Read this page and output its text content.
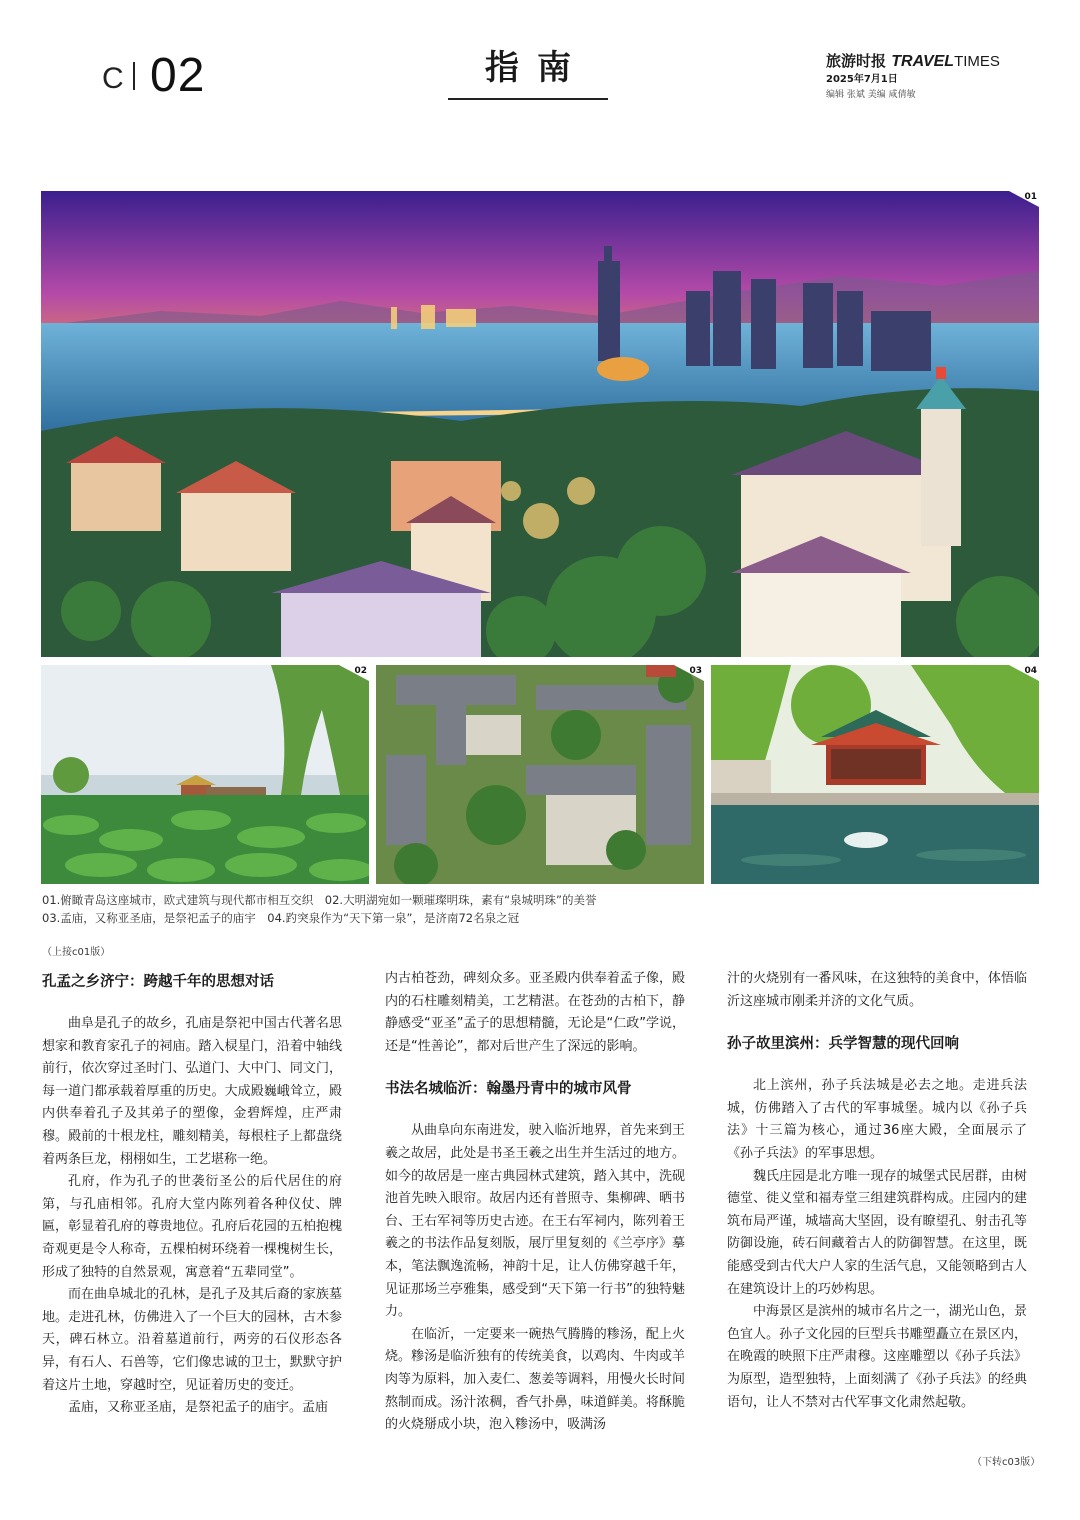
C 02	指南	旅游时报 TRAVELTIMES
2025年7月1日
编辑 张斌 美编 咸倩敏
01
02	03	04
01.俯瞰青岛这座城市，欧式建筑与现代都市相互交织　02.大明湖宛如一颗璀璨明珠，素有“泉城明珠”的美誉
03.孟庙，又称亚圣庙，是祭祀孟子的庙宇　04.趵突泉作为“天下第一泉”，是济南72名泉之冠
（上接c01版）
孔孟之乡济宁：跨越千年的思想对话

曲阜是孔子的故乡，孔庙是祭祀中国古代著名思想家和教育家孔子的祠庙。踏入棂星门，沿着中轴线前行，依次穿过圣时门、弘道门、大中门、同文门，每一道门都承载着厚重的历史。大成殿巍峨耸立，殿内供奉着孔子及其弟子的塑像，金碧辉煌，庄严肃穆。殿前的十根龙柱，雕刻精美，每根柱子上都盘绕着两条巨龙，栩栩如生，工艺堪称一绝。

孔府，作为孔子的世袭衍圣公的后代居住的府第，与孔庙相邻。孔府大堂内陈列着各种仪仗、牌匾，彰显着孔府的尊贵地位。孔府后花园的五柏抱槐奇观更是令人称奇，五棵柏树环绕着一棵槐树生长，形成了独特的自然景观，寓意着“五辈同堂”。

而在曲阜城北的孔林，是孔子及其后裔的家族墓地。走进孔林，仿佛进入了一个巨大的园林，古木参天，碑石林立。沿着墓道前行，两旁的石仪形态各异，有石人、石兽等，它们像忠诚的卫士，默默守护着这片土地，穿越时空，见证着历史的变迁。

孟庙，又称亚圣庙，是祭祀孟子的庙宇。孟庙

内古柏苍劲，碑刻众多。亚圣殿内供奉着孟子像，殿内的石柱雕刻精美，工艺精湛。在苍劲的古柏下，静静感受“亚圣”孟子的思想精髓，无论是“仁政”学说，还是“性善论”，都对后世产生了深远的影响。

书法名城临沂：翰墨丹青中的城市风骨

从曲阜向东南进发，驶入临沂地界，首先来到王羲之故居，此处是书圣王羲之出生并生活过的地方。如今的故居是一座古典园林式建筑，踏入其中，洗砚池首先映入眼帘。故居内还有普照寺、集柳碑、晒书台、王右军祠等历史古迹。在王右军祠内，陈列着王羲之的书法作品复刻版，展厅里复刻的《兰亭序》摹本，笔法飘逸流畅，神韵十足，让人仿佛穿越千年，见证那场兰亭雅集，感受到“天下第一行书”的独特魅力。

在临沂，一定要来一碗热气腾腾的糁汤，配上火烧。糁汤是临沂独有的传统美食，以鸡肉、牛肉或羊肉等为原料，加入麦仁、葱姜等调料，用慢火长时间熬制而成。汤汁浓稠，香气扑鼻，味道鲜美。将酥脆的火烧掰成小块，泡入糁汤中，吸满汤

汁的火烧别有一番风味，在这独特的美食中，体悟临沂这座城市刚柔并济的文化气质。

孙子故里滨州：兵学智慧的现代回响

北上滨州，孙子兵法城是必去之地。走进兵法城，仿佛踏入了古代的军事城堡。城内以《孙子兵法》十三篇为核心，通过36座大殿，全面展示了《孙子兵法》的军事思想。

魏氏庄园是北方唯一现存的城堡式民居群，由树德堂、徙义堂和福寿堂三组建筑群构成。庄园内的建筑布局严谨，城墙高大坚固，设有瞭望孔、射击孔等防御设施，砖石间藏着古人的防御智慧。在这里，既能感受到古代大户人家的生活气息，又能领略到古人在建筑设计上的巧妙构思。

中海景区是滨州的城市名片之一，湖光山色，景色宜人。孙子文化园的巨型兵书雕塑矗立在景区内，在晚霞的映照下庄严肃穆。这座雕塑以《孙子兵法》为原型，造型独特，上面刻满了《孙子兵法》的经典语句，让人不禁对古代军事文化肃然起敬。

（下转c03版）
